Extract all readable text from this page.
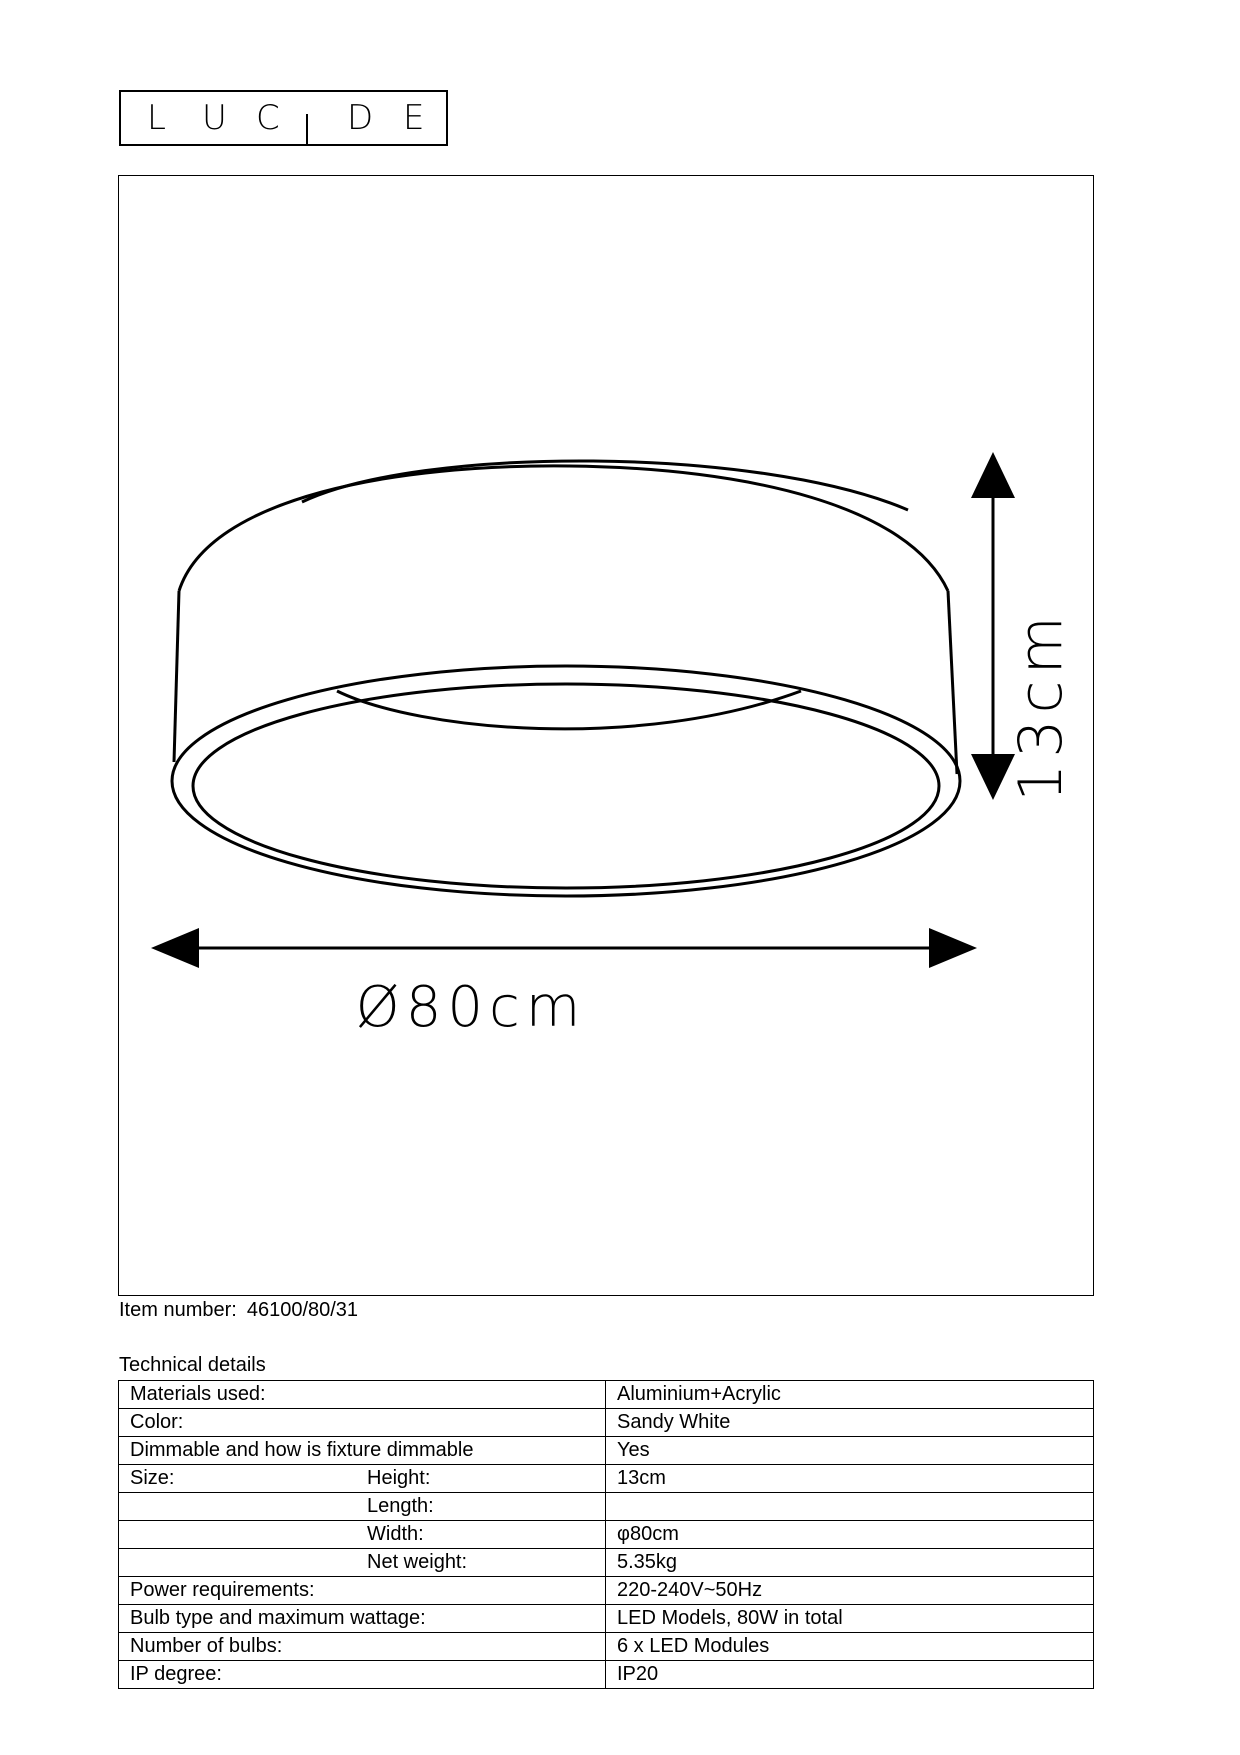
L U C D E
13cm
Ø80cm
Item number: 46100/80/31
Technical details
Materials used:	Aluminium+Acrylic
Color:	Sandy White
Dimmable and how is fixture dimmable	Yes
Size: Height:	13cm

Length:	

Width:	φ80cm

Net weight:	5.35kg
Power requirements:	220-240V~50Hz
Bulb type and maximum wattage:	LED Models, 80W in total
Number of bulbs:	6 x LED Modules
IP degree:	IP20
